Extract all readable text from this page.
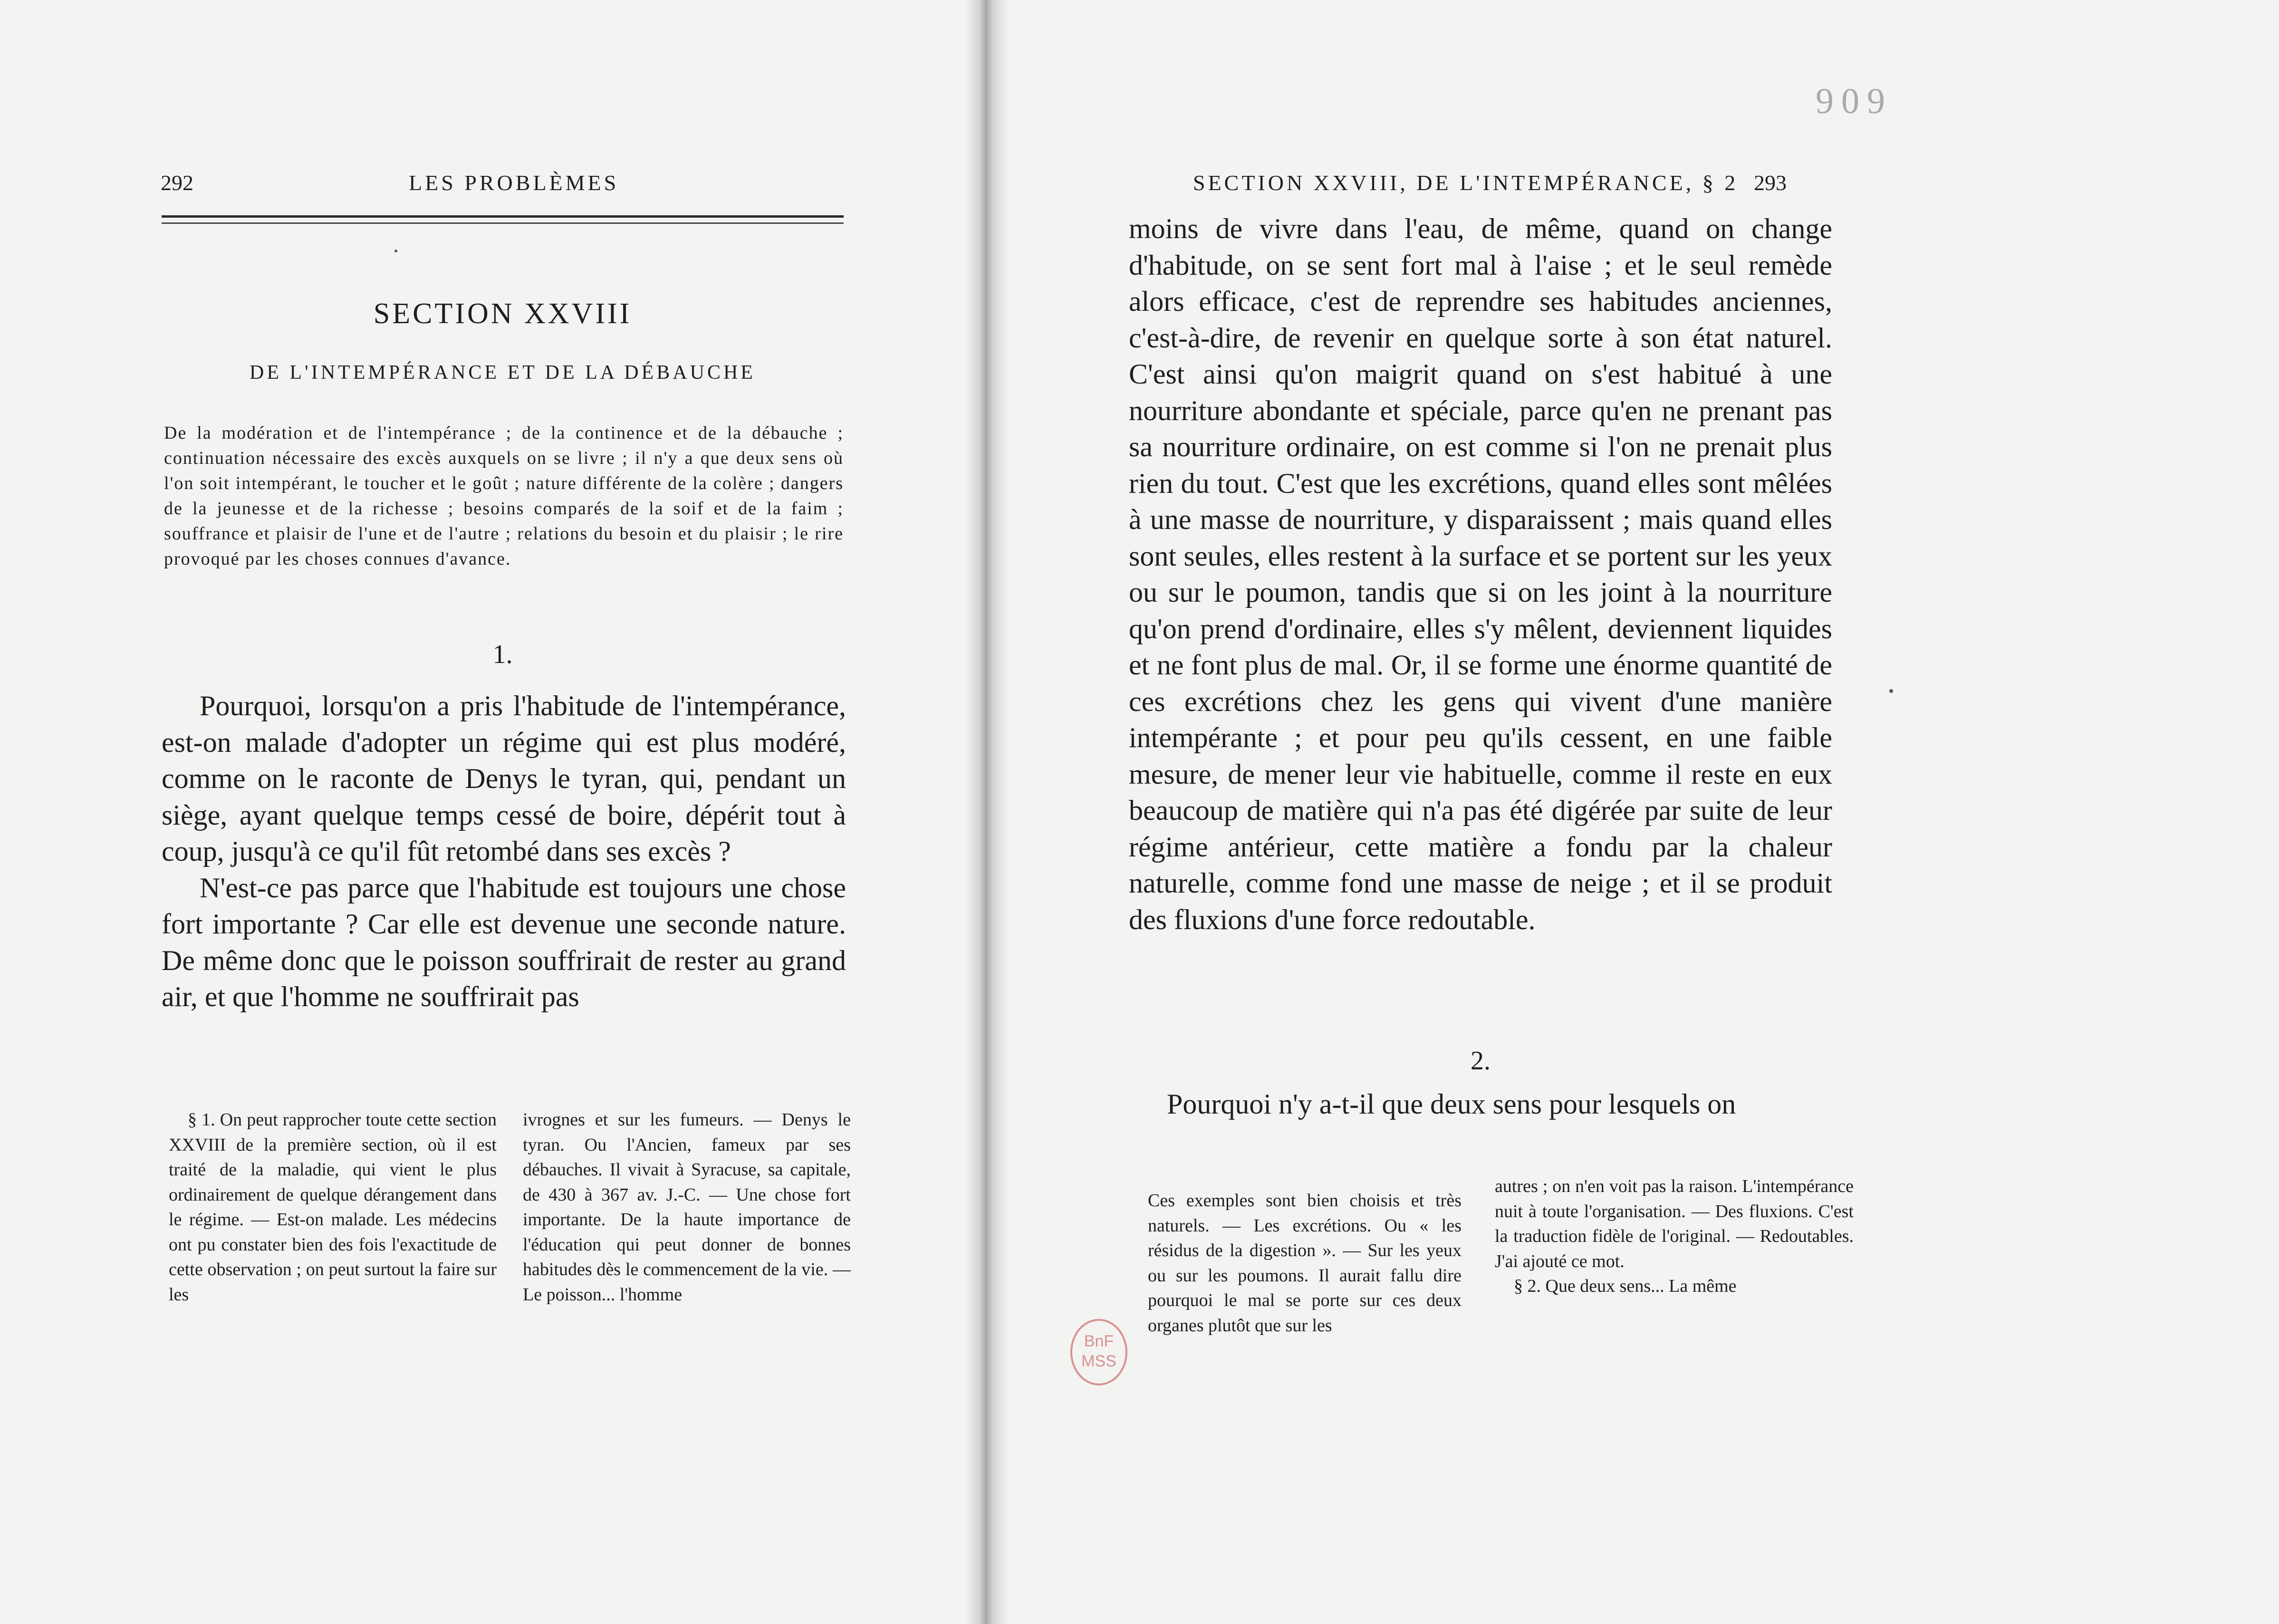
292	LES PROBLÈMES
SECTION XXVIII
DE L'INTEMPÉRANCE ET DE LA DÉBAUCHE
De la modération et de l'intempérance ; de la continence et de la débauche ; continuation nécessaire des excès auxquels on se livre ; il n'y a que deux sens où l'on soit intempérant, le toucher et le goût ; nature différente de la colère ; dangers de la jeunesse et de la richesse ; besoins comparés de la soif et de la faim ; souffrance et plaisir de l'une et de l'autre ; relations du besoin et du plaisir ; le rire provoqué par les choses connues d'avance.
1.

Pourquoi, lorsqu'on a pris l'habitude de l'intempérance, est-on malade d'adopter un régime qui est plus modéré, comme on le raconte de Denys le tyran, qui, pendant un siège, ayant quelque temps cessé de boire, dépérit tout à coup, jusqu'à ce qu'il fût retombé dans ses excès ?

N'est-ce pas parce que l'habitude est toujours une chose fort importante ? Car elle est devenue une seconde nature. De même donc que le poisson souffrirait de rester au grand air, et que l'homme ne souffrirait pas

§ 1. On peut rapprocher toute cette section XXVIII de la première section, où il est traité de la maladie, qui vient le plus ordinairement de quelque dérangement dans le régime. — Est-on malade. Les médecins ont pu constater bien des fois l'exactitude de cette observation ; on peut surtout la faire sur les

ivrognes et sur les fumeurs. — Denys le tyran. Ou l'Ancien, fameux par ses débauches. Il vivait à Syracuse, sa capitale, de 430 à 367 av. J.-C. — Une chose fort importante. De la haute importance de l'éducation qui peut donner de bonnes habitudes dès le commencement de la vie. — Le poisson... l'homme

909
SECTION XXVIII, DE L'INTEMPÉRANCE, § 2 293

moins de vivre dans l'eau, de même, quand on change d'habitude, on se sent fort mal à l'aise ; et le seul remède alors efficace, c'est de reprendre ses habitudes anciennes, c'est-à-dire, de revenir en quelque sorte à son état naturel. C'est ainsi qu'on maigrit quand on s'est habitué à une nourriture abondante et spéciale, parce qu'en ne prenant pas sa nourriture ordinaire, on est comme si l'on ne prenait plus rien du tout. C'est que les excrétions, quand elles sont mêlées à une masse de nourriture, y disparaissent ; mais quand elles sont seules, elles restent à la surface et se portent sur les yeux ou sur le poumon, tandis que si on les joint à la nourriture qu'on prend d'ordinaire, elles s'y mêlent, deviennent liquides et ne font plus de mal. Or, il se forme une énorme quantité de ces excrétions chez les gens qui vivent d'une manière intempérante ; et pour peu qu'ils cessent, en une faible mesure, de mener leur vie habituelle, comme il reste en eux beaucoup de matière qui n'a pas été digérée par suite de leur régime antérieur, cette matière a fondu par la chaleur naturelle, comme fond une masse de neige ; et il se produit des fluxions d'une force redoutable.

2.

Pourquoi n'y a-t-il que deux sens pour lesquels on

Ces exemples sont bien choisis et très naturels. — Les excrétions. Ou « les résidus de la digestion ». — Sur les yeux ou sur les poumons. Il aurait fallu dire pourquoi le mal se porte sur ces deux organes plutôt que sur les

autres ; on n'en voit pas la raison. L'intempérance nuit à toute l'organisation. — Des fluxions. C'est la traduction fidèle de l'original. — Redoutables. J'ai ajouté ce mot.

§ 2. Que deux sens... La même

BnF
MSS
